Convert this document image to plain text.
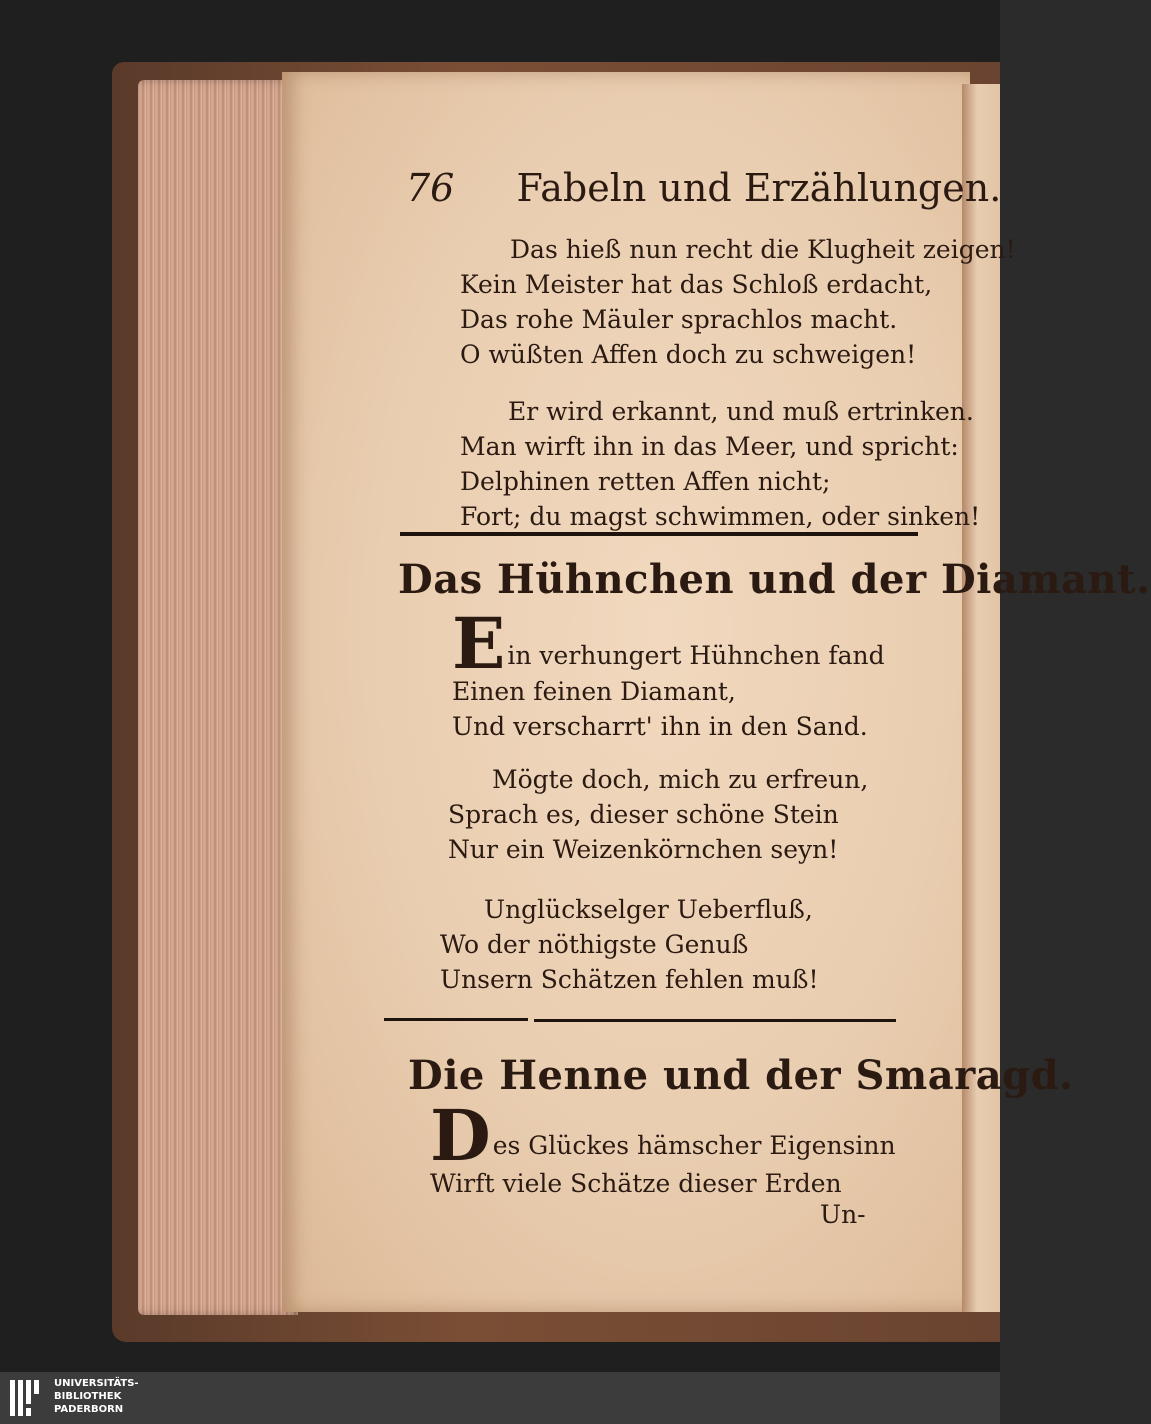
76 Fabeln und Erzählungen.
Das hieß nun recht die Klugheit zeigen!
Kein Meister hat das Schloß erdacht,
Das rohe Mäuler sprachlos macht.
O wüßten Affen doch zu schweigen!
Er wird erkannt, und muß ertrinken.
Man wirft ihn in das Meer, und spricht:
Delphinen retten Affen nicht;
Fort; du magst schwimmen, oder sinken!
Das Hühnchen und der Diamant.
E in verhungert Hühnchen fand
Einen feinen Diamant,
Und verscharrt' ihn in den Sand.
Mögte doch, mich zu erfreun,
Sprach es, dieser schöne Stein
Nur ein Weizenkörnchen seyn!
Unglückselger Ueberfluß,
Wo der nöthigste Genuß
Unsern Schätzen fehlen muß!
Die Henne und der Smaragd.
D es Glückes hämscher Eigensinn
Wirft viele Schätze dieser Erden
Un-
UNIVERSITÄTS-
BIBLIOTHEK
PADERBORN
